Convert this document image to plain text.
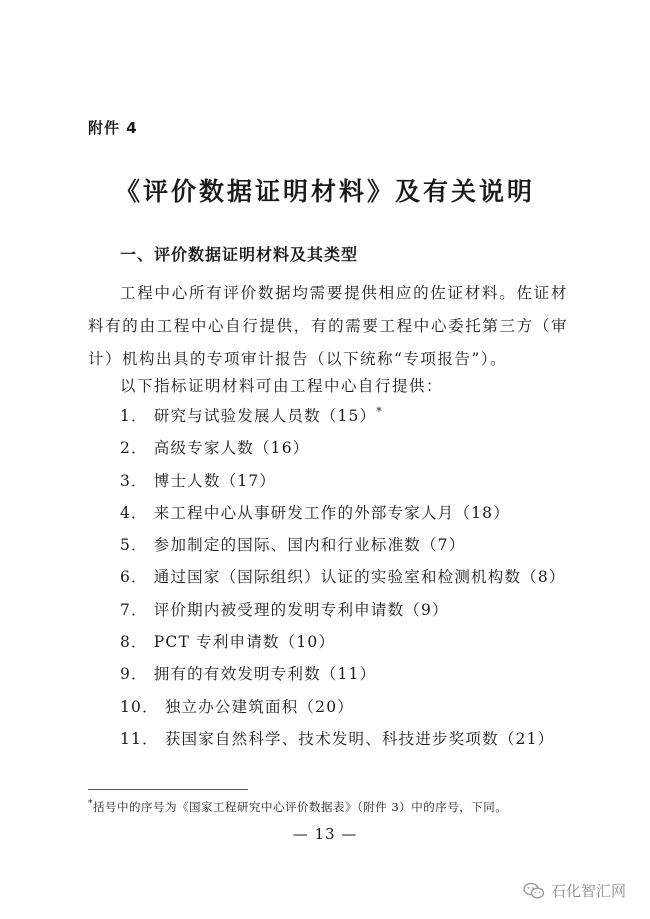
附件 4
《评价数据证明材料》及有关说明
一、评价数据证明材料及其类型

工程中心所有评价数据均需要提供相应的佐证材料。佐证材料有的由工程中心自行提供，有的需要工程中心委托第三方（审计）机构出具的专项审计报告（以下统称“专项报告”）。

以下指标证明材料可由工程中心自行提供：
1． 研究与试验发展人员数（15）*
2． 高级专家人数（16）
3． 博士人数（17）
4． 来工程中心从事研发工作的外部专家人月（18）
5． 参加制定的国际、国内和行业标准数（7）
6． 通过国家（国际组织）认证的实验室和检测机构数（8）
7． 评价期内被受理的发明专利申请数（9）
8． PCT 专利申请数（10）
9． 拥有的有效发明专利数（11）
10． 独立办公建筑面积（20）
11． 获国家自然科学、技术发明、科技进步奖项数（21）
*括号中的序号为《国家工程研究中心评价数据表》（附件 3）中的序号，下同。
— 13 —
石化智汇网
